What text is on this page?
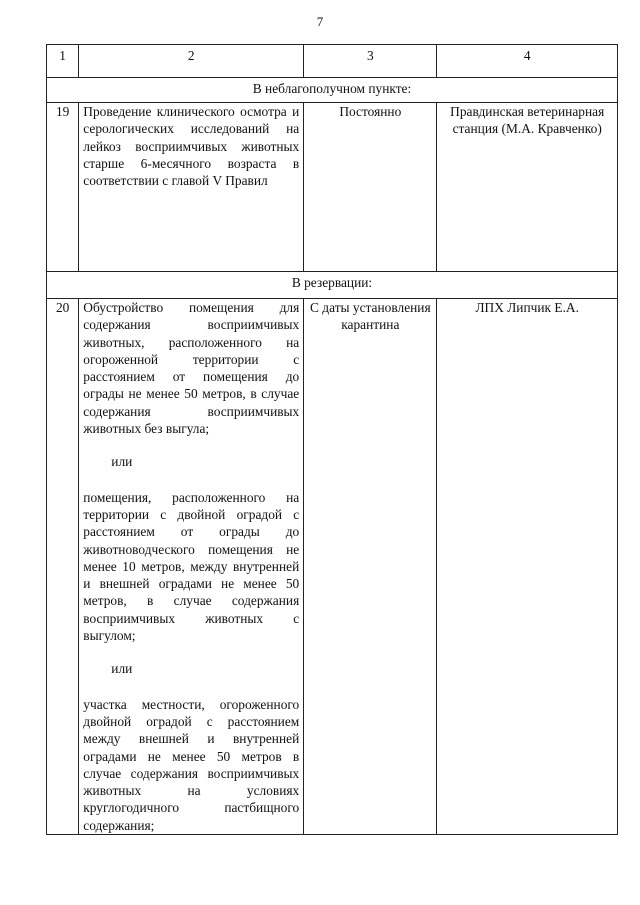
7
1	2	3	4
В неблагополучном пункте:			
19	Проведение клинического осмотра и серологических исследований на лейкоз восприимчивых животных старше 6-месячного возраста в соответствии с главой V Правил	Постоянно	Правдинская ветеринарная станция (М.А. Кравченко)
В резервации:			
20	Обустройство помещения для содержания восприимчивых животных, расположенного на огороженной территории с расстоянием от помещения до ограды не менее 50 метров, в случае содержания восприимчивых животных без выгула;

или

помещения, расположенного на территории с двойной оградой с расстоянием от ограды до животноводческого помещения не менее 10 метров, между внутренней и внешней оградами не менее 50 метров, в случае содержания восприимчивых животных с выгулом;

или

участка местности, огороженного двойной оградой с расстоянием между внешней и внутренней оградами не менее 50 метров в случае содержания восприимчивых животных на условиях круглогодичного пастбищного содержания;	С даты установления карантина	ЛПХ Липчик Е.А.
